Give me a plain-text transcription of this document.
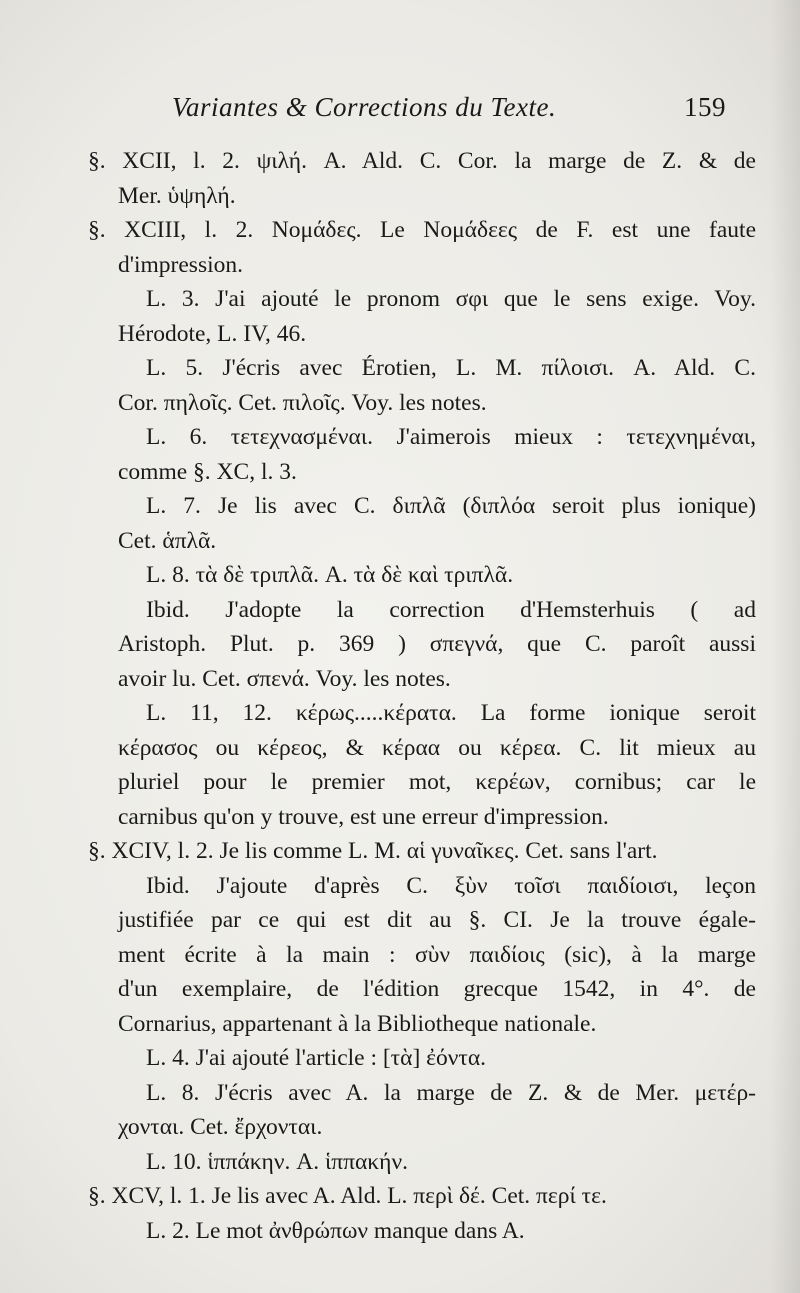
Variantes & Corrections du Texte.	159
§. XCII, l. 2. ψιλή. A. Ald. C. Cor. la marge de Z. & de
Mer. ὑψηλή.
§. XCIII, l. 2. Νομάδες. Le Νομάδεες de F. est une faute
d'impression.
L. 3. J'ai ajouté le pronom σφι que le sens exige. Voy.
Hérodote, L. IV, 46.
L. 5. J'écris avec Érotien, L. M. πίλοισι. A. Ald. C.
Cor. πηλοῖς. Cet. πιλοῖς. Voy. les notes.
L. 6. τετεχνασμέναι. J'aimerois mieux : τετεχνημέναι,
comme §. XC, l. 3.
L. 7. Je lis avec C. διπλᾶ (διπλόα seroit plus ionique)
Cet. ἁπλᾶ.
L. 8. τὰ δὲ τριπλᾶ. A. τὰ δὲ καὶ τριπλᾶ.
Ibid. J'adopte la correction d'Hemsterhuis ( ad
Aristoph. Plut. p. 369 ) σπεγνά, que C. paroît aussi
avoir lu. Cet. σπενά. Voy. les notes.
L. 11, 12. κέρως.....κέρατα. La forme ionique seroit
κέρασος ou κέρεος, & κέραα ou κέρεα. C. lit mieux au
pluriel pour le premier mot, κερέων, cornibus; car le
carnibus qu'on y trouve, est une erreur d'impression.
§. XCIV, l. 2. Je lis comme L. M. αἱ γυναῖκες. Cet. sans l'art.
Ibid. J'ajoute d'après C. ξὺν τοῖσι παιδίοισι, leçon
justifiée par ce qui est dit au §. CI. Je la trouve égale-
ment écrite à la main : σὺν παιδίοις (sic), à la marge
d'un exemplaire, de l'édition grecque 1542, in 4°. de
Cornarius, appartenant à la Bibliotheque nationale.
L. 4. J'ai ajouté l'article : [τὰ] ἐόντα.
L. 8. J'écris avec A. la marge de Z. & de Mer. μετέρ-
χονται. Cet. ἔρχονται.
L. 10. ἱππάκην. A. ἱππακήν.
§. XCV, l. 1. Je lis avec A. Ald. L. περὶ δέ. Cet. περί τε.
L. 2. Le mot ἀνθρώπων manque dans A.
